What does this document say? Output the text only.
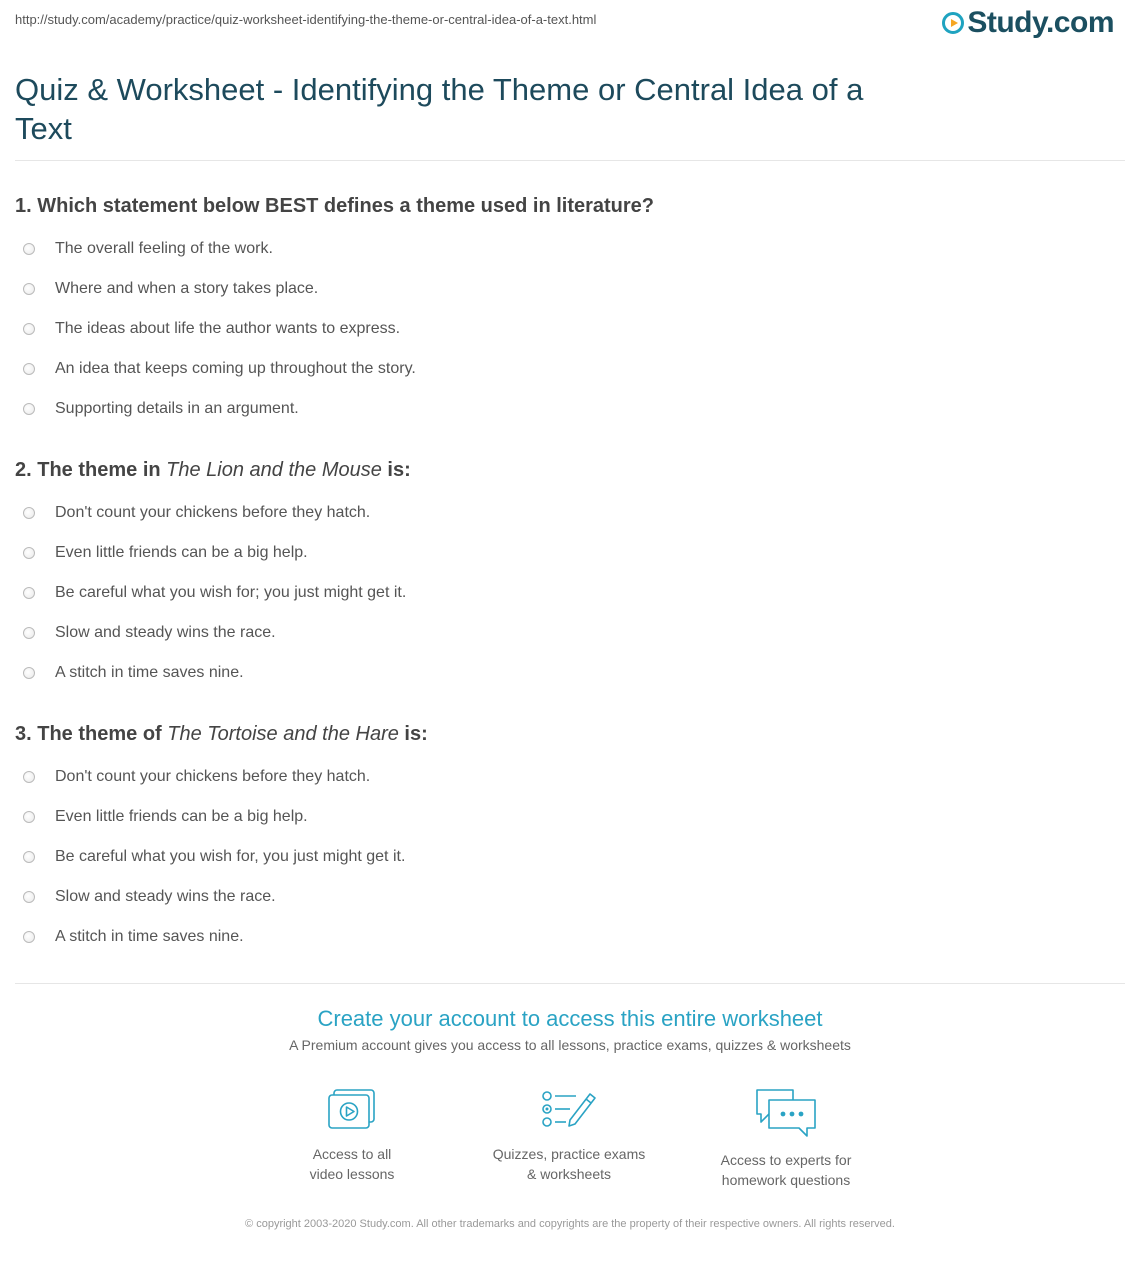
http://study.com/academy/practice/quiz-worksheet-identifying-the-theme-or-central-idea-of-a-text.html	Study.com
Quiz & Worksheet - Identifying the Theme or Central Idea of a Text
1. Which statement below BEST defines a theme used in literature?
The overall feeling of the work.
Where and when a story takes place.
The ideas about life the author wants to express.
An idea that keeps coming up throughout the story.
Supporting details in an argument.
2. The theme in The Lion and the Mouse is:
Don't count your chickens before they hatch.
Even little friends can be a big help.
Be careful what you wish for; you just might get it.
Slow and steady wins the race.
A stitch in time saves nine.
3. The theme of The Tortoise and the Hare is:
Don't count your chickens before they hatch.
Even little friends can be a big help.
Be careful what you wish for, you just might get it.
Slow and steady wins the race.
A stitch in time saves nine.
Create your account to access this entire worksheet
A Premium account gives you access to all lessons, practice exams, quizzes & worksheets
Access to all
video lessons
Quizzes, practice exams
& worksheets
Access to experts for
homework questions
© copyright 2003-2020 Study.com. All other trademarks and copyrights are the property of their respective owners. All rights reserved.
